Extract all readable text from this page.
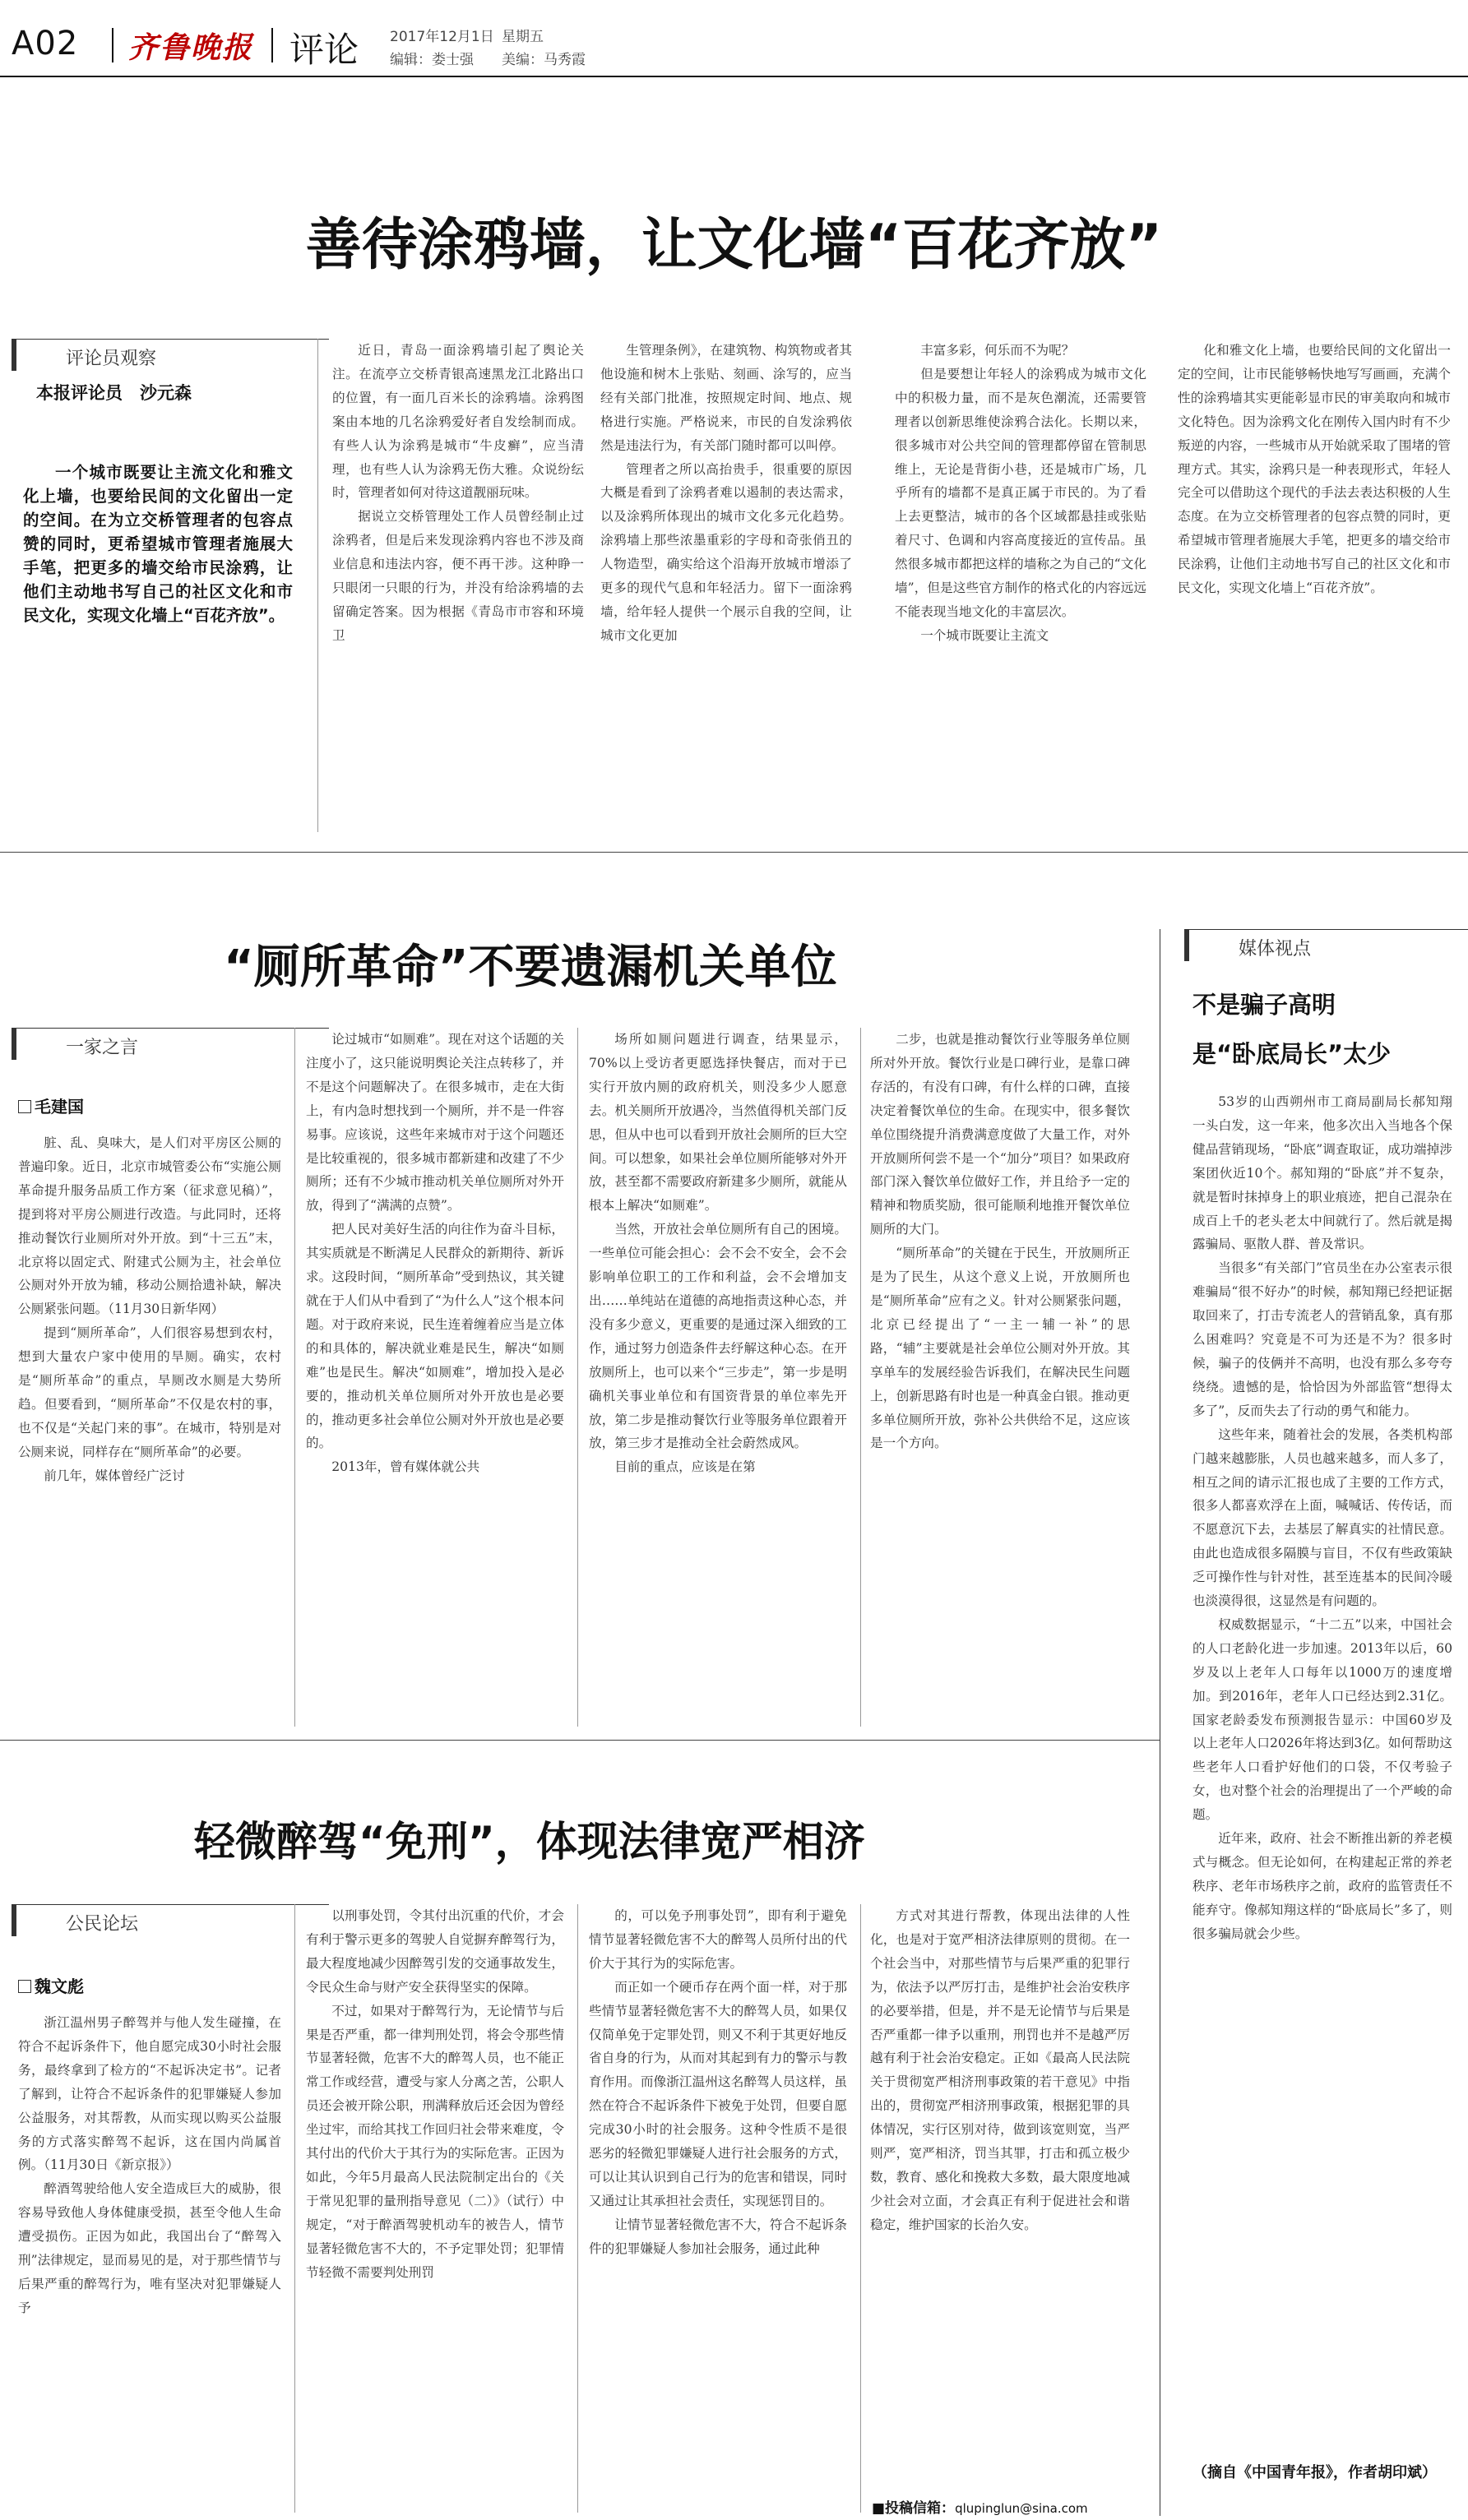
A02 齐鲁晚报 评论 2017年12月1日 星期五
编辑：娄士强 美编：马秀霞
善待涂鸦墙，让文化墙“百花齐放”
评论员观察
本报评论员　沙元森
一个城市既要让主流文化和雅文化上墙，也要给民间的文化留出一定的空间。在为立交桥管理者的包容点赞的同时，更希望城市管理者施展大手笔，把更多的墙交给市民涂鸦，让他们主动地书写自己的社区文化和市民文化，实现文化墙上“百花齐放”。

近日，青岛一面涂鸦墙引起了舆论关注。在流亭立交桥青银高速黑龙江北路出口的位置，有一面几百米长的涂鸦墙。涂鸦图案由本地的几名涂鸦爱好者自发绘制而成。有些人认为涂鸦是城市“牛皮癣”，应当清理，也有些人认为涂鸦无伤大雅。众说纷纭时，管理者如何对待这道靓丽玩味。

据说立交桥管理处工作人员曾经制止过涂鸦者，但是后来发现涂鸦内容也不涉及商业信息和违法内容，便不再干涉。这种睁一只眼闭一只眼的行为，并没有给涂鸦墙的去留确定答案。因为根据《青岛市市容和环境卫

生管理条例》，在建筑物、构筑物或者其他设施和树木上张贴、刻画、涂写的，应当经有关部门批准，按照规定时间、地点、规格进行实施。严格说来，市民的自发涂鸦依然是违法行为，有关部门随时都可以叫停。

管理者之所以高抬贵手，很重要的原因大概是看到了涂鸦者难以遏制的表达需求，以及涂鸦所体现出的城市文化多元化趋势。涂鸦墙上那些浓墨重彩的字母和奇张俏丑的人物造型，确实给这个沿海开放城市增添了更多的现代气息和年轻活力。留下一面涂鸦墙，给年轻人提供一个展示自我的空间，让城市文化更加

丰富多彩，何乐而不为呢？

但是要想让年轻人的涂鸦成为城市文化中的积极力量，而不是灰色潮流，还需要管理者以创新思维使涂鸦合法化。长期以来，很多城市对公共空间的管理都停留在管制思维上，无论是背街小巷，还是城市广场，几乎所有的墙都不是真正属于市民的。为了看上去更整洁，城市的各个区域都悬挂或张贴着尺寸、色调和内容高度接近的宣传品。虽然很多城市都把这样的墙称之为自己的“文化墙”，但是这些官方制作的格式化的内容远远不能表现当地文化的丰富层次。

一个城市既要让主流文

化和雅文化上墙，也要给民间的文化留出一定的空间，让市民能够畅快地写写画画，充满个性的涂鸦墙其实更能彰显市民的审美取向和城市文化特色。因为涂鸦文化在刚传入国内时有不少叛逆的内容，一些城市从开始就采取了围堵的管理方式。其实，涂鸦只是一种表现形式，年轻人完全可以借助这个现代的手法去表达积极的人生态度。在为立交桥管理者的包容点赞的同时，更希望城市管理者施展大手笔，把更多的墙交给市民涂鸦，让他们主动地书写自己的社区文化和市民文化，实现文化墙上“百花齐放”。

“厕所革命”不要遗漏机关单位
一家之言
毛建国

脏、乱、臭味大，是人们对平房区公厕的普遍印象。近日，北京市城管委公布“实施公厕革命提升服务品质工作方案（征求意见稿）”，提到将对平房公厕进行改造。与此同时，还将推动餐饮行业厕所对外开放。到“十三五”末，北京将以固定式、附建式公厕为主，社会单位公厕对外开放为辅，移动公厕拾遗补缺，解决公厕紧张问题。（11月30日新华网）

提到“厕所革命”，人们很容易想到农村，想到大量农户家中使用的旱厕。确实，农村是“厕所革命”的重点，旱厕改水厕是大势所趋。但要看到，“厕所革命”不仅是农村的事，也不仅是“关起门来的事”。在城市，特别是对公厕来说，同样存在“厕所革命”的必要。

前几年，媒体曾经广泛讨

论过城市“如厕难”。现在对这个话题的关注度小了，这只能说明舆论关注点转移了，并不是这个问题解决了。在很多城市，走在大街上，有内急时想找到一个厕所，并不是一件容易事。应该说，这些年来城市对于这个问题还是比较重视的，很多城市都新建和改建了不少厕所；还有不少城市推动机关单位厕所对外开放，得到了“满满的点赞”。

把人民对美好生活的向往作为奋斗目标，其实质就是不断满足人民群众的新期待、新诉求。这段时间，“厕所革命”受到热议，其关键就在于人们从中看到了“为什么人”这个根本问题。对于政府来说，民生连着缠着应当是立体的和具体的，解决就业难是民生，解决“如厕难”也是民生。解决“如厕难”，增加投入是必要的，推动机关单位厕所对外开放也是必要的，推动更多社会单位公厕对外开放也是必要的。

2013年，曾有媒体就公共

场所如厕问题进行调查，结果显示，70%以上受访者更愿选择快餐店，而对于已实行开放内厕的政府机关，则没多少人愿意去。机关厕所开放遇冷，当然值得机关部门反思，但从中也可以看到开放社会厕所的巨大空间。可以想象，如果社会单位厕所能够对外开放，甚至都不需要政府新建多少厕所，就能从根本上解决“如厕难”。

当然，开放社会单位厕所有自己的困境。一些单位可能会担心：会不会不安全，会不会影响单位职工的工作和利益，会不会增加支出……单纯站在道德的高地指责这种心态，并没有多少意义，更重要的是通过深入细致的工作，通过努力创造条件去纾解这种心态。在开放厕所上，也可以来个“三步走”，第一步是明确机关事业单位和有国资背景的单位率先开放，第二步是推动餐饮行业等服务单位跟着开放，第三步才是推动全社会蔚然成风。

目前的重点，应该是在第

二步，也就是推动餐饮行业等服务单位厕所对外开放。餐饮行业是口碑行业，是靠口碑存活的，有没有口碑，有什么样的口碑，直接决定着餐饮单位的生命。在现实中，很多餐饮单位围绕提升消费满意度做了大量工作，对外开放厕所何尝不是一个“加分”项目？如果政府部门深入餐饮单位做好工作，并且给予一定的精神和物质奖励，很可能顺利地推开餐饮单位厕所的大门。

“厕所革命”的关键在于民生，开放厕所正是为了民生，从这个意义上说，开放厕所也是“厕所革命”应有之义。针对公厕紧张问题，北京已经提出了“一主一辅一补”的思路，“辅”主要就是社会单位公厕对外开放。其享单车的发展经验告诉我们，在解决民生问题上，创新思路有时也是一种真金白银。推动更多单位厕所开放，弥补公共供给不足，这应该是一个方向。

轻微醉驾“免刑”，体现法律宽严相济
公民论坛
魏文彪

浙江温州男子醉驾并与他人发生碰撞，在符合不起诉条件下，他自愿完成30小时社会服务，最终拿到了检方的“不起诉决定书”。记者了解到，让符合不起诉条件的犯罪嫌疑人参加公益服务，对其帮教，从而实现以购买公益服务的方式落实醉驾不起诉，这在国内尚属首例。（11月30日《新京报》）

醉酒驾驶给他人安全造成巨大的威胁，很容易导致他人身体健康受损，甚至令他人生命遭受损伤。正因为如此，我国出台了“醉驾入刑”法律规定，显而易见的是，对于那些情节与后果严重的醉驾行为，唯有坚决对犯罪嫌疑人予

以刑事处罚，令其付出沉重的代价，才会有利于警示更多的驾驶人自觉摒弃醉驾行为，最大程度地减少因醉驾引发的交通事故发生，令民众生命与财产安全获得坚实的保障。

不过，如果对于醉驾行为，无论情节与后果是否严重，都一律判刑处罚，将会令那些情节显著轻微，危害不大的醉驾人员，也不能正常工作或经营，遭受与家人分离之苦，公职人员还会被开除公职，刑满释放后还会因为曾经坐过牢，而给其找工作回归社会带来难度，令其付出的代价大于其行为的实际危害。正因为如此，今年5月最高人民法院制定出台的《关于常见犯罪的量刑指导意见（二）》（试行）中规定，“对于醉酒驾驶机动车的被告人，情节显著轻微危害不大的，不予定罪处罚；犯罪情节轻微不需要判处刑罚

的，可以免予刑事处罚”，即有利于避免情节显著轻微危害不大的醉驾人员所付出的代价大于其行为的实际危害。

而正如一个硬币存在两个面一样，对于那些情节显著轻微危害不大的醉驾人员，如果仅仅简单免于定罪处罚，则又不利于其更好地反省自身的行为，从而对其起到有力的警示与教育作用。而像浙江温州这名醉驾人员这样，虽然在符合不起诉条件下被免于处罚，但要自愿完成30小时的社会服务。这种令性质不是很恶劣的轻微犯罪嫌疑人进行社会服务的方式，可以让其认识到自己行为的危害和错误，同时又通过让其承担社会责任，实现惩罚目的。

让情节显著轻微危害不大，符合不起诉条件的犯罪嫌疑人参加社会服务，通过此种

方式对其进行帮教，体现出法律的人性化，也是对于宽严相济法律原则的贯彻。在一个社会当中，对那些情节与后果严重的犯罪行为，依法予以严厉打击，是维护社会治安秩序的必要举措，但是，并不是无论情节与后果是否严重都一律予以重刑，刑罚也并不是越严厉越有利于社会治安稳定。正如《最高人民法院关于贯彻宽严相济刑事政策的若干意见》中指出的，贯彻宽严相济刑事政策，根据犯罪的具体情况，实行区别对待，做到该宽则宽，当严则严，宽严相济，罚当其罪，打击和孤立极少数，教育、感化和挽救大多数，最大限度地减少社会对立面，才会真正有利于促进社会和谐稳定，维护国家的长治久安。

媒体视点
不是骗子高明
是“卧底局长”太少

53岁的山西朔州市工商局副局长郝知翔一头白发，这一年来，他多次出入当地各个保健品营销现场，“卧底”调查取证，成功端掉涉案团伙近10个。郝知翔的“卧底”并不复杂，就是暂时抹掉身上的职业痕迹，把自己混杂在成百上千的老头老太中间就行了。然后就是揭露骗局、驱散人群、普及常识。

当很多“有关部门”官员坐在办公室表示很难骗局“很不好办”的时候，郝知翔已经把证据取回来了，打击专流老人的营销乱象，真有那么困难吗？究竟是不可为还是不为？很多时候，骗子的伎俩并不高明，也没有那么多夸夸绕绕。遗憾的是，恰恰因为外部监管“想得太多了”，反而失去了行动的勇气和能力。

这些年来，随着社会的发展，各类机构部门越来越膨胀，人员也越来越多，而人多了，相互之间的请示汇报也成了主要的工作方式，很多人都喜欢浮在上面，喊喊话、传传话，而不愿意沉下去，去基层了解真实的社情民意。由此也造成很多隔膜与盲目，不仅有些政策缺乏可操作性与针对性，甚至连基本的民间冷暖也淡漠得很，这显然是有问题的。

权威数据显示，“十二五”以来，中国社会的人口老龄化进一步加速。2013年以后，60岁及以上老年人口每年以1000万的速度增加。到2016年，老年人口已经达到2.31亿。国家老龄委发布预测报告显示：中国60岁及以上老年人口2026年将达到3亿。如何帮助这些老年人口看护好他们的口袋，不仅考验子女，也对整个社会的治理提出了一个严峻的命题。

近年来，政府、社会不断推出新的养老模式与概念。但无论如何，在构建起正常的养老秩序、老年市场秩序之前，政府的监管责任不能弃守。像郝知翔这样的“卧底局长”多了，则很多骗局就会少些。

（摘自《中国青年报》，作者胡印斌）
■投稿信箱：qlupinglun@sina.com
